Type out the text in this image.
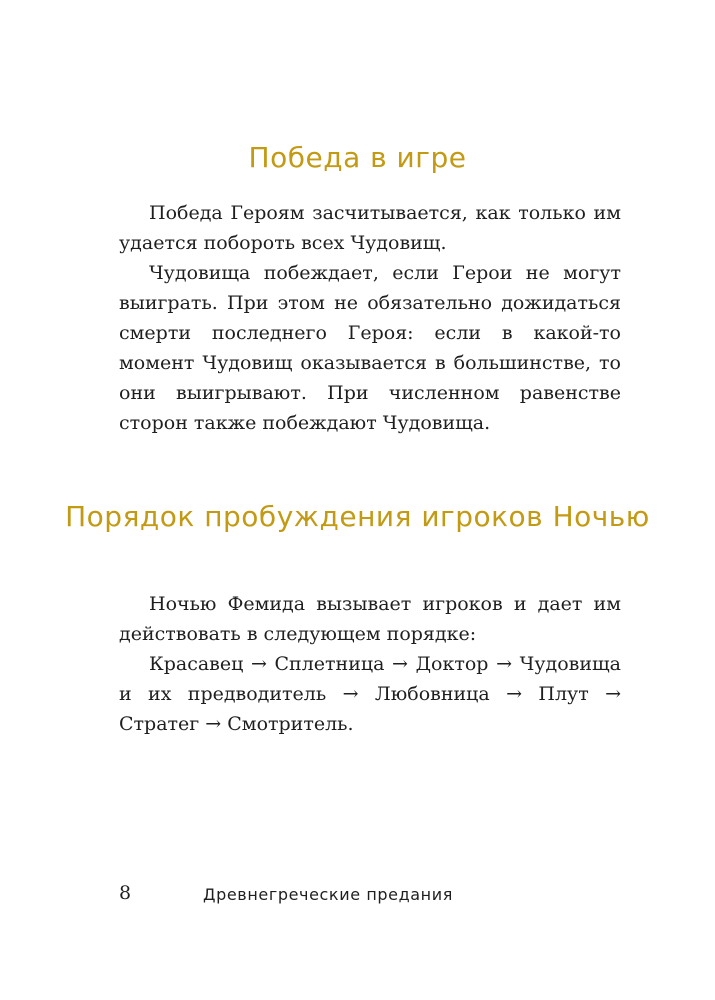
Победа в игре

Победа Героям засчитывается, как только им удается побороть всех Чудовищ.

Чудовища побеждает, если Герои не могут выиграть. При этом не обязательно дожидаться смерти последнего Героя: если в какой-то момент Чудовищ оказывается в большинстве, то они выигрывают. При численном равенстве сторон также побеждают Чудовища.

Порядок пробуждения игроков Ночью

Ночью Фемида вызывает игроков и дает им действовать в следующем порядке:

Красавец → Сплетница → Доктор → Чудовища и их предводитель → Любовница → Плут → Стратег → Смотритель.

8	Древнегреческие предания
